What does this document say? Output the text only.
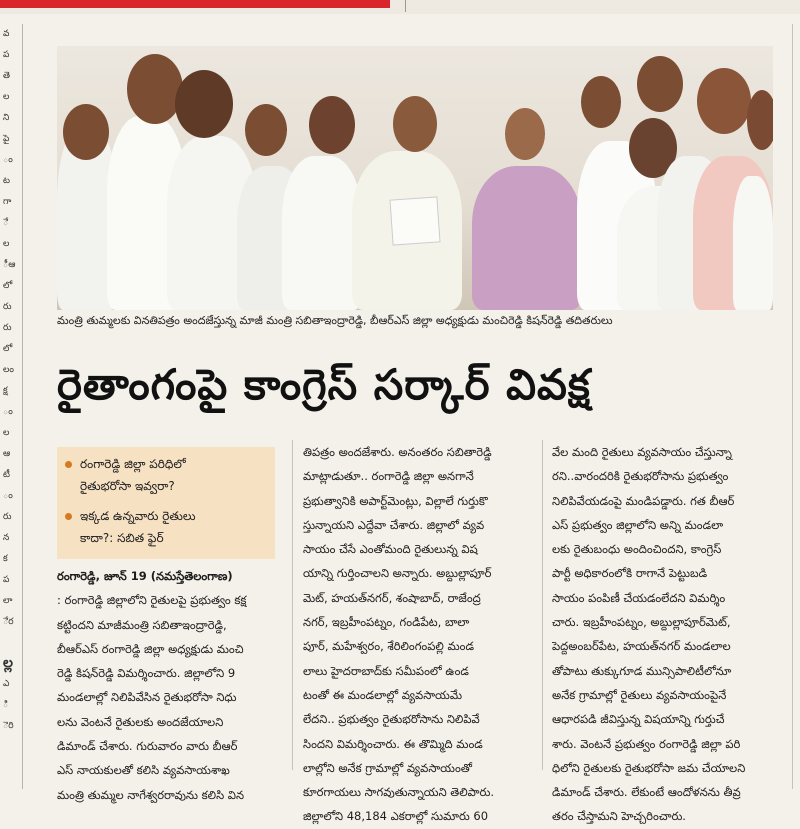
వ
ప
తె
ల
ని
పై
ం
ట
గా
ే
ల
ీఆ
లో
రు
రు
లో
లం
క్ష
ం
ల
ఆ
టీ
ం
రు
న
క
ప
లా
ేర
ల్ల
ఎ
ి
ెరి
మంత్రి తుమ్మలకు వినతిపత్రం అందజేస్తున్న మాజీ మంత్రి సబితాఇంద్రారెడ్డి, బీఆర్ఎస్ జిల్లా అధ్యక్షుడు మంచిరెడ్డి కిషన్‌రెడ్డి తదితరులు
రైతాంగంపై కాంగ్రెస్ సర్కార్ వివక్ష
రంగారెడ్డి జిల్లా పరిధిలో
రైతుభరోసా ఇవ్వరా?
ఇక్కడ ఉన్నవారు రైతులు
కాదా?: సబిత ఫైర్

రంగారెడ్డి, జూన్ 19 (నమస్తేతెలంగాణ)

: రంగారెడ్డి జిల్లాలోని రైతులపై ప్రభుత్వం కక్ష

కట్టిందని మాజీమంత్రి సబితాఇంద్రారెడ్డి,

బీఆర్ఎస్ రంగారెడ్డి జిల్లా అధ్యక్షుడు మంచి

రెడ్డి కిషన్‌రెడ్డి విమర్శించారు. జిల్లాలోని 9

మండలాల్లో నిలిపివేసిన రైతుభరోసా నిధు

లను వెంటనే రైతులకు అందజేయాలని

డిమాండ్ చేశారు. గురువారం వారు బీఆర్

ఎస్ నాయకులతో కలిసి వ్యవసాయశాఖ

మంత్రి తుమ్మల నాగేశ్వరరావును కలిసి విన

తిపత్రం అందజేశారు. అనంతరం సబితారెడ్డి

మాట్లాడుతూ.. రంగారెడ్డి జిల్లా అనగానే

ప్రభుత్వానికి అపార్ట్‌మెంట్లు, విల్లాలే గుర్తుకొ

స్తున్నాయని ఎద్దేవా చేశారు. జిల్లాలో వ్యవ

సాయం చేసే ఎంతోమంది రైతులున్న విష

యాన్ని గుర్తించాలని అన్నారు. అబ్దుల్లాపూర్

మెట్, హయత్‌నగర్, శంషాబాద్, రాజేంద్ర

నగర్, ఇబ్రహీంపట్నం, గండిపేట, బాలా

పూర్, మహేశ్వరం, శేరిలింగంపల్లి మండ

లాలు హైదరాబాద్‌కు సమీపంలో ఉండ

టంతో ఈ మండలాల్లో వ్యవసాయమే

లేదని.. ప్రభుత్వం రైతుభరోసాను నిలిపివే

సిందని విమర్శించారు. ఈ తొమ్మిది మండ

లాల్లోని అనేక గ్రామాల్లో వ్యవసాయంతో

కూరగాయలు సాగవుతున్నాయని తెలిపారు.

జిల్లాలోని 48,184 ఎకరాల్లో సుమారు 60

వేల మంది రైతులు వ్యవసాయం చేస్తున్నా

రని..వారందరికి రైతుభరోసాను ప్రభుత్వం

నిలిపివేయడంపై మండిపడ్డారు. గత బీఆర్

ఎస్ ప్రభుత్వం జిల్లాలోని అన్ని మండలా

లకు రైతుబంధు అందించిందని, కాంగ్రెస్

పార్టీ అధికారంలోకి రాగానే పెట్టుబడి

సాయం పంపిణీ చేయడంలేదని విమర్శిం

చారు. ఇబ్రహీంపట్నం, అబ్దుల్లాపూర్‌మెట్,

పెద్దఅంబర్‌పేట, హయత్‌నగర్ మండలాల

తోపాటు తుక్కుగూడ మున్సిపాలిటీలోనూ

అనేక గ్రామాల్లో రైతులు వ్యవసాయంపైనే

ఆధారపడి జీవిస్తున్న విషయాన్ని గుర్తుచే

శారు. వెంటనే ప్రభుత్వం రంగారెడ్డి జిల్లా పరి

ధిలోని రైతులకు రైతుభరోసా జమ చేయాలని

డిమాండ్ చేశారు. లేకుంటే ఆందోళనను తీవ్ర

తరం చేస్తామని హెచ్చరించారు.
